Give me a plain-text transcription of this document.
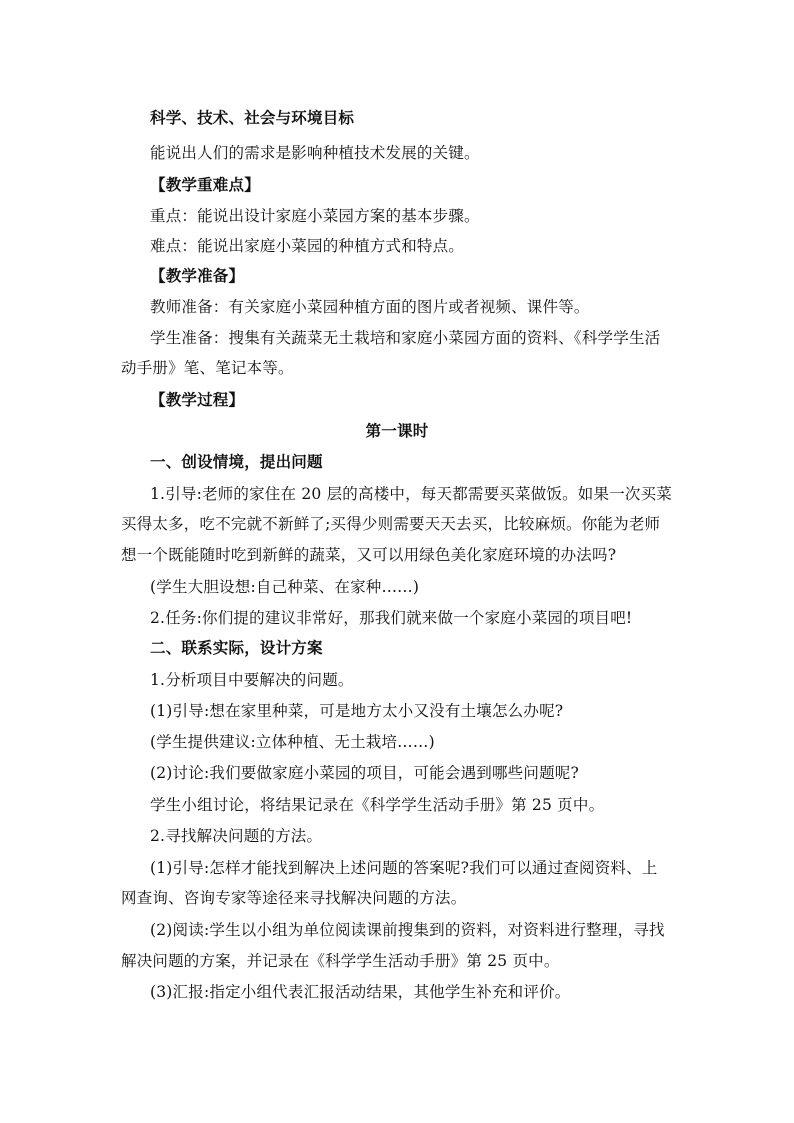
科学、技术、社会与环境目标
能说出人们的需求是影响种植技术发展的关键。
【教学重难点】
重点：能说出设计家庭小菜园方案的基本步骤。
难点：能说出家庭小菜园的种植方式和特点。
【教学准备】
教师准备：有关家庭小菜园种植方面的图片或者视频、课件等。
学生准备：搜集有关蔬菜无土栽培和家庭小菜园方面的资料、《科学学生活
动手册》笔、笔记本等。
【教学过程】
第一课时
一、创设情境，提出问题
1.引导:老师的家住在 20 层的高楼中，每天都需要买菜做饭。如果一次买菜
买得太多，吃不完就不新鲜了;买得少则需要天天去买，比较麻烦。你能为老师
想一个既能随时吃到新鲜的蔬菜，又可以用绿色美化家庭环境的办法吗?
(学生大胆设想:自己种菜、在家种……)
2.任务:你们提的建议非常好，那我们就来做一个家庭小菜园的项目吧!
二、联系实际，设计方案
1.分析项目中要解决的问题。
(1)引导:想在家里种菜，可是地方太小又没有土壤怎么办呢?
(学生提供建议:立体种植、无土栽培……)
(2)讨论:我们要做家庭小菜园的项目，可能会遇到哪些问题呢?
学生小组讨论，将结果记录在《科学学生活动手册》第 25 页中。
2.寻找解决问题的方法。
(1)引导:怎样才能找到解决上述问题的答案呢?我们可以通过查阅资料、上
网查询、咨询专家等途径来寻找解决问题的方法。
(2)阅读:学生以小组为单位阅读课前搜集到的资料，对资料进行整理，寻找
解决问题的方案，并记录在《科学学生活动手册》第 25 页中。
(3)汇报:指定小组代表汇报活动结果，其他学生补充和评价。
